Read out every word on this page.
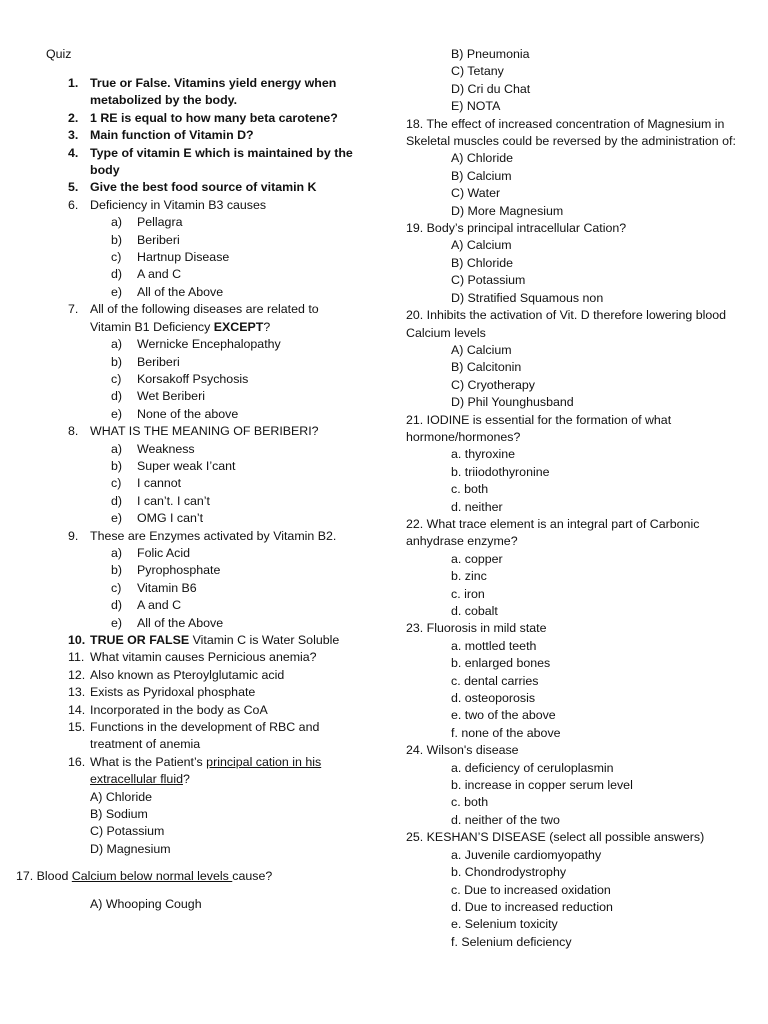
Quiz
1. True or False. Vitamins yield energy when metabolized by the body.
2. 1 RE is equal to how many beta carotene?
3. Main function of Vitamin D?
4. Type of vitamin E which is maintained by the body
5. Give the best food source of vitamin K
6. Deficiency in Vitamin B3 causes
a) Pellagra
b) Beriberi
c) Hartnup Disease
d) A and C
e) All of the Above
7. All of the following diseases are related to Vitamin B1 Deficiency EXCEPT?
a) Wernicke Encephalopathy
b) Beriberi
c) Korsakoff Psychosis
d) Wet Beriberi
e) None of the above
8. WHAT IS THE MEANING OF BERIBERI?
a) Weakness
b) Super weak I’cant
c) I cannot
d) I can’t. I can’t
e) OMG I can’t
9. These are Enzymes activated by Vitamin B2.
a) Folic Acid
b) Pyrophosphate
c) Vitamin B6
d) A and C
e) All of the Above
10. TRUE OR FALSE Vitamin C is Water Soluble
11. What vitamin causes Pernicious anemia?
12. Also known as Pteroylglutamic acid
13. Exists as Pyridoxal phosphate
14. Incorporated in the body as CoA
15. Functions in the development of RBC and treatment of anemia
16. What is the Patient’s principal cation in his extracellular fluid?
A) Chloride
B) Sodium
C) Potassium
D) Magnesium
17. Blood Calcium below normal levels cause?
A) Whooping Cough
B) Pneumonia
C) Tetany
D) Cri du Chat
E) NOTA
18. The effect of increased concentration of Magnesium in Skeletal muscles could be reversed by the administration of:
A) Chloride
B) Calcium
C) Water
D) More Magnesium
19. Body’s principal intracellular Cation?
A) Calcium
B) Chloride
C) Potassium
D) Stratified Squamous non
20. Inhibits the activation of Vit. D therefore lowering blood Calcium levels
A) Calcium
B) Calcitonin
C) Cryotherapy
D) Phil Younghusband
21. IODINE is essential for the formation of what hormone/hormones?
a. thyroxine
b. triiodothyronine
c. both
d. neither
22. What trace element is an integral part of Carbonic anhydrase enzyme?
a. copper
b. zinc
c. iron
d. cobalt
23. Fluorosis in mild state
a. mottled teeth
b. enlarged bones
c. dental carries
d. osteoporosis
e. two of the above
f. none of the above
24. Wilson's disease
a. deficiency of ceruloplasmin
b. increase in copper serum level
c. both
d. neither of the two
25. KESHAN’S DISEASE (select all possible answers)
a. Juvenile cardiomyopathy
b. Chondrodystrophy
c. Due to increased oxidation
d. Due to increased reduction
e. Selenium toxicity
f. Selenium deficiency
